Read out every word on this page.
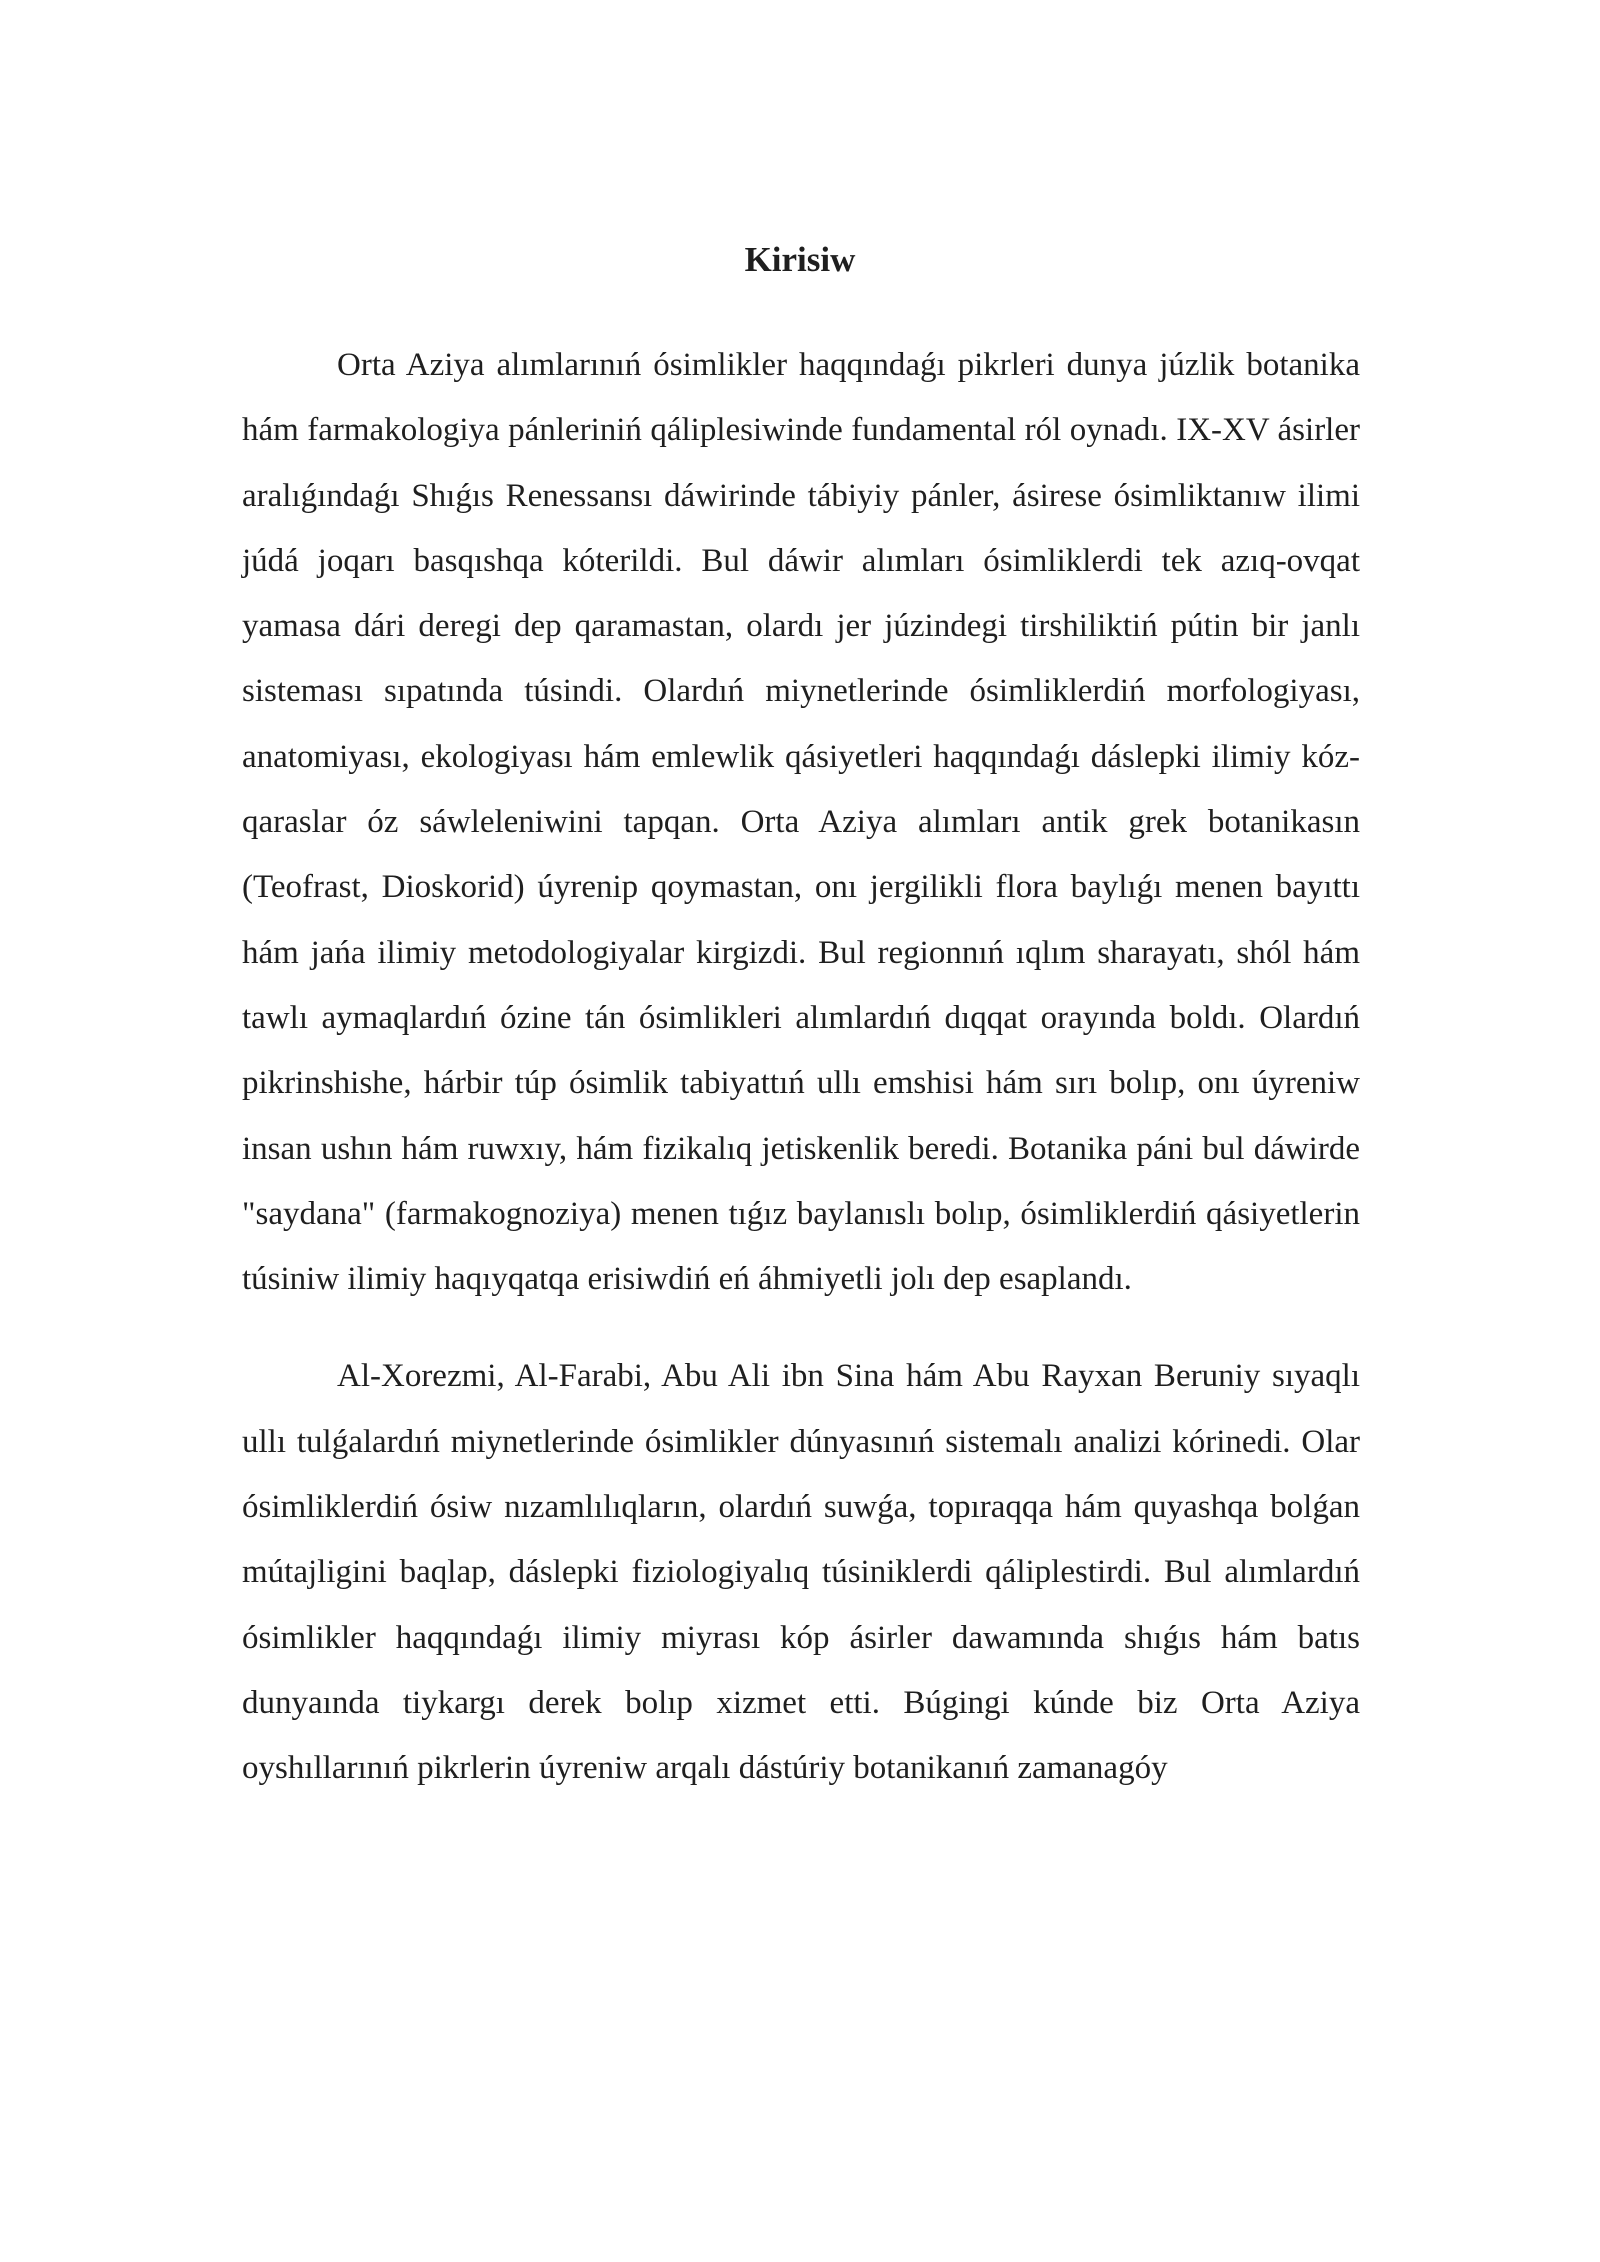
Kirisiw

Orta Aziya alımlarınıń ósimlikler haqqındaǵı pikrleri dunya júzlik botanika hám farmakologiya pánleriniń qáliplesiwinde fundamental ról oynadı. IX-XV ásirler aralıǵındaǵı Shıǵıs Renessansı dáwirinde tábiyiy pánler, ásirese ósimliktanıw ilimi júdá joqarı basqıshqa kóterildi. Bul dáwir alımları ósimliklerdi tek azıq-ovqat yamasa dári deregi dep qaramastan, olardı jer júzindegi tirshiliktiń pútin bir janlı sisteması sıpatında túsindi. Olardıń miynetlerinde ósimliklerdiń morfologiyası, anatomiyası, ekologiyası hám emlewlik qásiyetleri haqqındaǵı dáslepki ilimiy kóz-qaraslar óz sáwleleniwini tapqan. Orta Aziya alımları antik grek botanikasın (Teofrast, Dioskorid) úyrenip qoymastan, onı jergilikli flora baylıǵı menen bayıttı hám jańa ilimiy metodologiyalar kirgizdi. Bul regionnıń ıqlım sharayatı, shól hám tawlı aymaqlardıń ózine tán ósimlikleri alımlardıń dıqqat orayında boldı. Olardıń pikrinshishe, hárbir túp ósimlik tabiyattıń ullı emshisi hám sırı bolıp, onı úyreniw insan ushın hám ruwxıy, hám fizikalıq jetiskenlik beredi. Botanika páni bul dáwirde "saydana" (farmakognoziya) menen tıǵız baylanıslı bolıp, ósimliklerdiń qásiyetlerin túsiniw ilimiy haqıyqatqa erisiwdiń eń áhmiyetli jolı dep esaplandı.

Al-Xorezmi, Al-Farabi, Abu Ali ibn Sina hám Abu Rayxan Beruniy sıyaqlı ullı tulǵalardıń miynetlerinde ósimlikler dúnyasınıń sistemalı analizi kórinedi. Olar ósimliklerdiń ósiw nızamlılıqların, olardıń suwǵa, topıraqqa hám quyashqa bolǵan mútajligini baqlap, dáslepki fiziologiyalıq túsiniklerdi qáliplestirdi. Bul alımlardıń ósimlikler haqqındaǵı ilimiy miyrası kóp ásirler dawamında shıǵıs hám batıs dunyaında tiykargı derek bolıp xizmet etti. Búgingi kúnde biz Orta Aziya oyshıllarınıń pikrlerin úyreniw arqalı dástúriy botanikanıń zamanagóy
